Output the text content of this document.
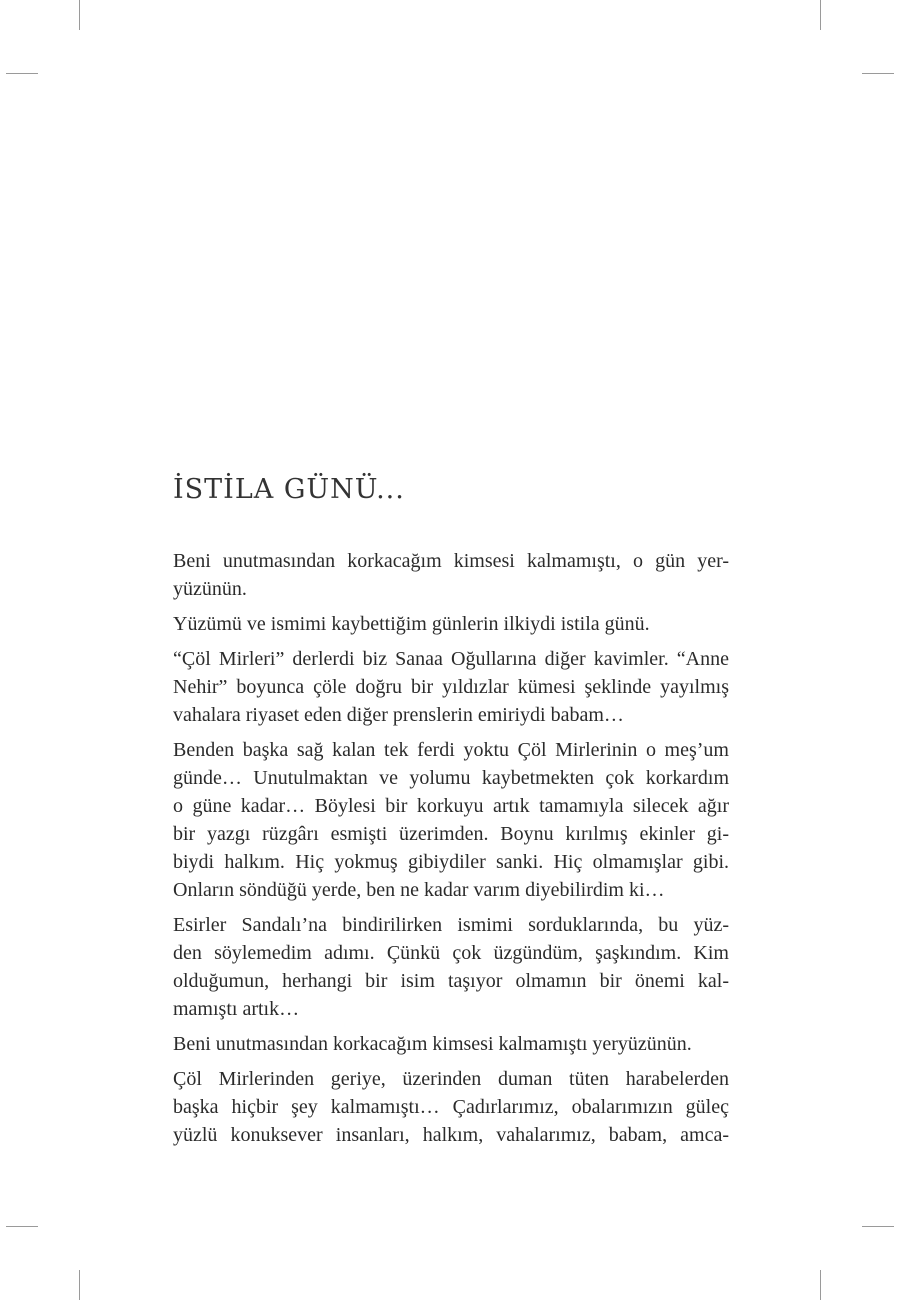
İSTİLA GÜNÜ...

Beni unutmasından korkacağım kimsesi kalmamıştı, o gün yer-
yüzünün.

Yüzümü ve ismimi kaybettiğim günlerin ilkiydi istila günü.

“Çöl Mirleri” derlerdi biz Sanaa Oğullarına diğer kavimler. “Anne
Nehir” boyunca çöle doğru bir yıldızlar kümesi şeklinde yayılmış
vahalara riyaset eden diğer prenslerin emiriydi babam…

Benden başka sağ kalan tek ferdi yoktu Çöl Mirlerinin o meş’um
günde… Unutulmaktan ve yolumu kaybetmekten çok korkardım
o güne kadar… Böylesi bir korkuyu artık tamamıyla silecek ağır
bir yazgı rüzgârı esmişti üzerimden. Boynu kırılmış ekinler gi-
biydi halkım. Hiç yokmuş gibiydiler sanki. Hiç olmamışlar gibi.
Onların söndüğü yerde, ben ne kadar varım diyebilirdim ki…

Esirler Sandalı’na bindirilirken ismimi sorduklarında, bu yüz-
den söylemedim adımı. Çünkü çok üzgündüm, şaşkındım. Kim
olduğumun, herhangi bir isim taşıyor olmamın bir önemi kal-
mamıştı artık…

Beni unutmasından korkacağım kimsesi kalmamıştı yeryüzünün.

Çöl Mirlerinden geriye, üzerinden duman tüten harabelerden
başka hiçbir şey kalmamıştı… Çadırlarımız, obalarımızın güleç
yüzlü konuksever insanları, halkım, vahalarımız, babam, amca-
